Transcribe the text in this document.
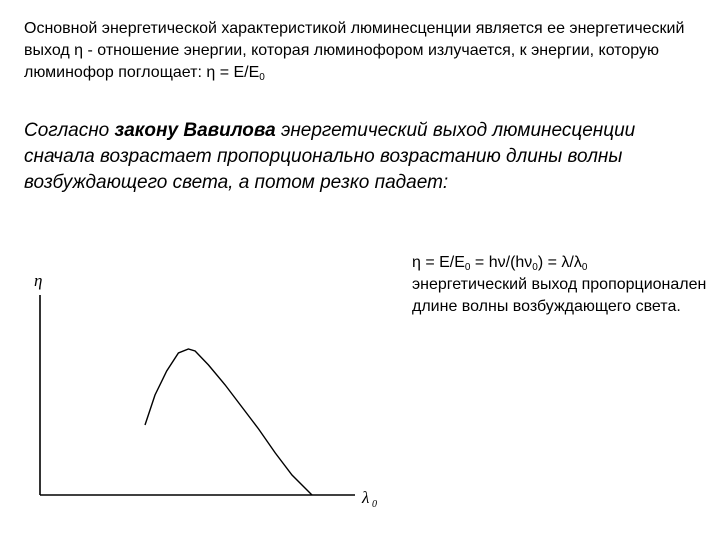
Основной энергетической характеристикой люминесценции является ее энергетический выход η - отношение энергии, которая люминофором излучается, к энергии, которую люминофор поглощает: $\eta = E/E_0$
Согласно закону Вавилова энергетический выход люминесценции сначала возрастает пропорционально возрастанию длины волны возбуждающего света, а потом резко падает:
$\eta = E/E_0 = h\nu/(h\nu_0) = \lambda/\lambda_0$
энергетический выход пропорционален длине волны возбуждающего света.
η
λ 0
